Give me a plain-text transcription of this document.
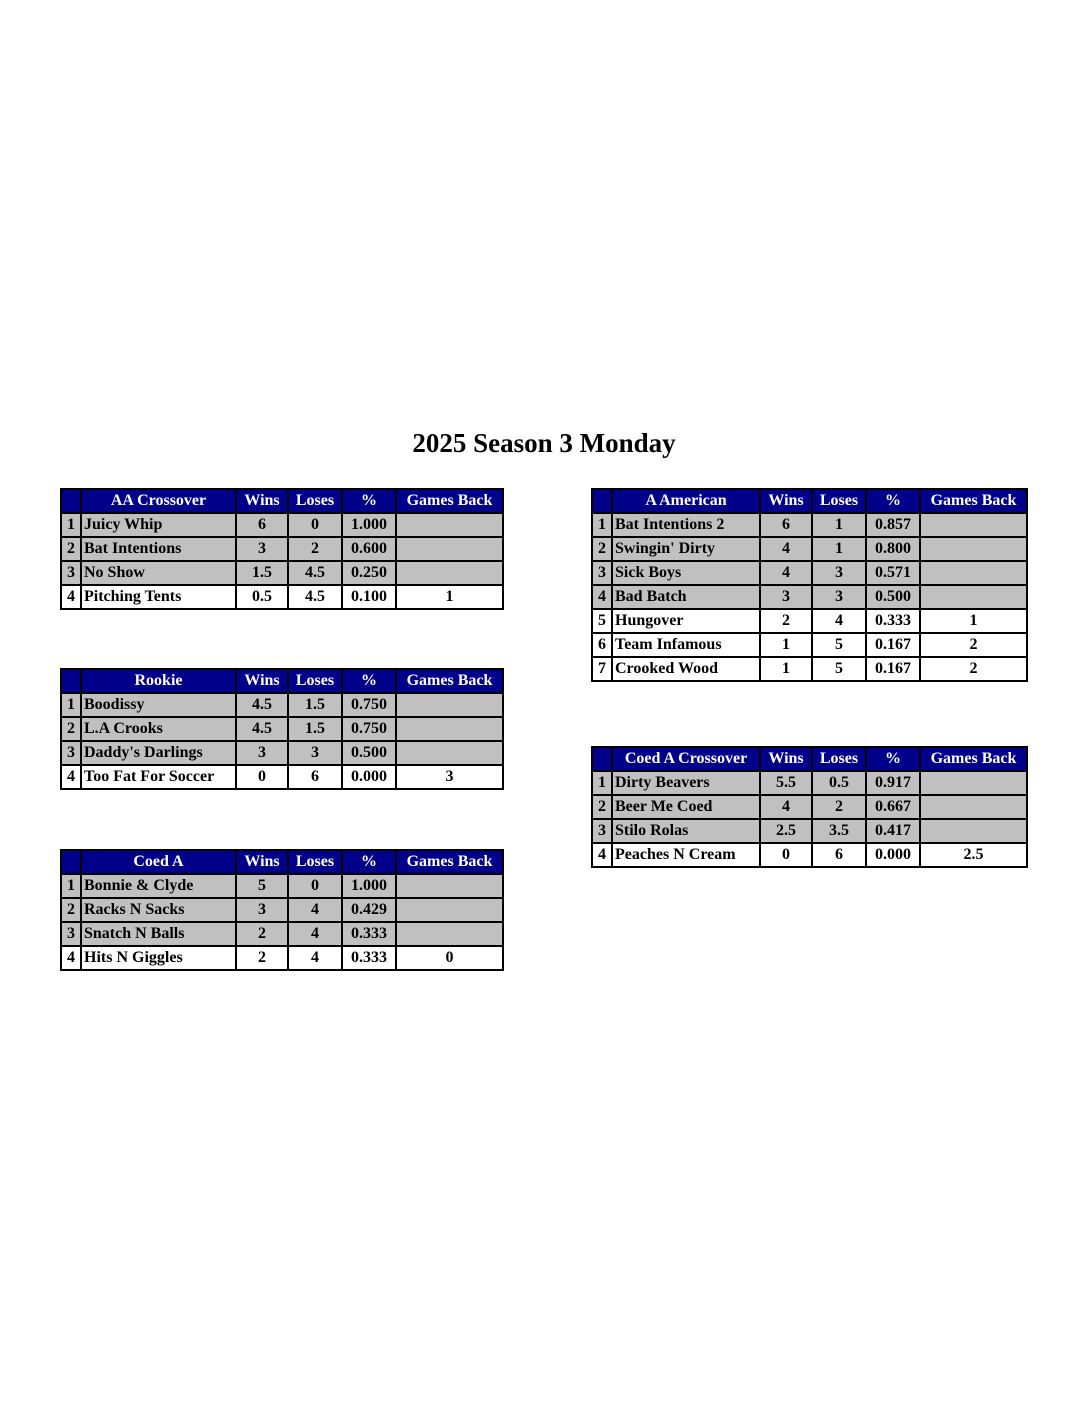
2025 Season 3 Monday
	AA Crossover	Wins	Loses	%	Games Back
1	Juicy Whip	6	0	1.000	
2	Bat Intentions	3	2	0.600	
3	No Show	1.5	4.5	0.250	
4	Pitching Tents	0.5	4.5	0.100	1
	Rookie	Wins	Loses	%	Games Back
1	Boodissy	4.5	1.5	0.750	
2	L.A Crooks	4.5	1.5	0.750	
3	Daddy's Darlings	3	3	0.500	
4	Too Fat For Soccer	0	6	0.000	3
	Coed A	Wins	Loses	%	Games Back
1	Bonnie & Clyde	5	0	1.000	
2	Racks N Sacks	3	4	0.429	
3	Snatch N Balls	2	4	0.333	
4	Hits N Giggles	2	4	0.333	0
	A American	Wins	Loses	%	Games Back
1	Bat Intentions 2	6	1	0.857	
2	Swingin' Dirty	4	1	0.800	
3	Sick Boys	4	3	0.571	
4	Bad Batch	3	3	0.500	
5	Hungover	2	4	0.333	1
6	Team Infamous	1	5	0.167	2
7	Crooked Wood	1	5	0.167	2
	Coed A Crossover	Wins	Loses	%	Games Back
1	Dirty Beavers	5.5	0.5	0.917	
2	Beer Me Coed	4	2	0.667	
3	Stilo Rolas	2.5	3.5	0.417	
4	Peaches N Cream	0	6	0.000	2.5
